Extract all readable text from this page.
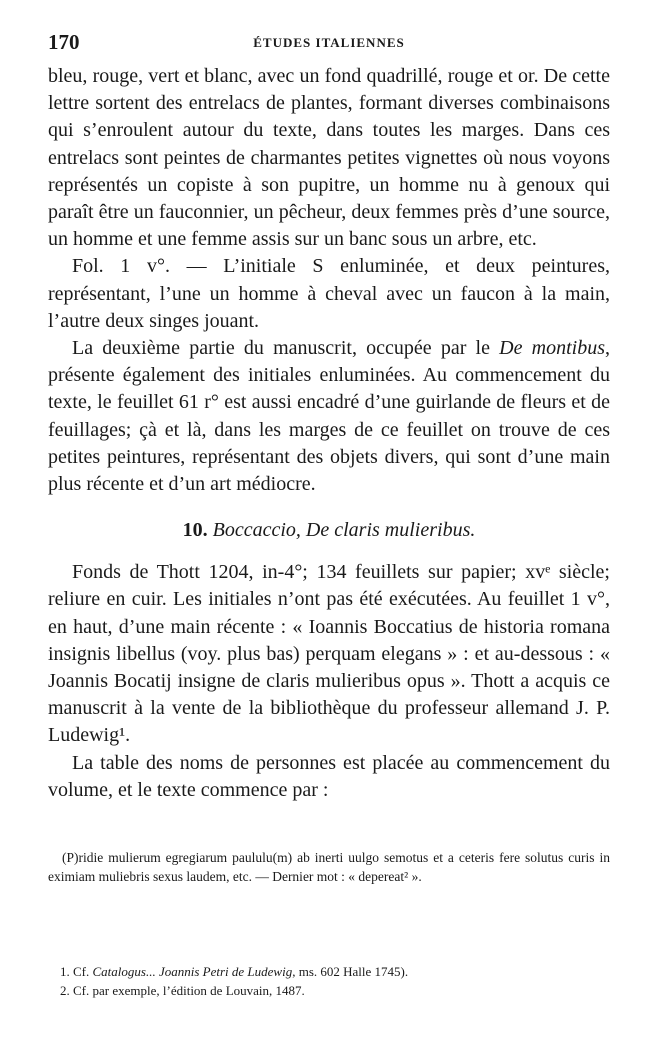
170	ÉTUDES ITALIENNES

bleu, rouge, vert et blanc, avec un fond quadrillé, rouge et or. De cette lettre sortent des entrelacs de plantes, formant diverses combinaisons qui s’enroulent autour du texte, dans toutes les marges. Dans ces entrelacs sont peintes de charmantes petites vignettes où nous voyons représentés un copiste à son pupitre, un homme nu à genoux qui paraît être un fauconnier, un pêcheur, deux femmes près d’une source, un homme et une femme assis sur un banc sous un arbre, etc.

Fol. 1 v°. — L’initiale S enluminée, et deux peintures, représentant, l’une un homme à cheval avec un faucon à la main, l’autre deux singes jouant.

La deuxième partie du manuscrit, occupée par le De montibus, présente également des initiales enluminées. Au commencement du texte, le feuillet 61 r° est aussi encadré d’une guirlande de fleurs et de feuillages; çà et là, dans les marges de ce feuillet on trouve de ces petites peintures, représentant des objets divers, qui sont d’une main plus récente et d’un art médiocre.

10. Boccaccio, De claris mulieribus.

Fonds de Thott 1204, in-4°; 134 feuillets sur papier; xvᵉ siècle; reliure en cuir. Les initiales n’ont pas été exécutées. Au feuillet 1 v°, en haut, d’une main récente : « Ioannis Boccatius de historia romana insignis libellus (voy. plus bas) perquam elegans » : et au-dessous : « Joannis Bocatij insigne de claris mulieribus opus ». Thott a acquis ce manuscrit à la vente de la bibliothèque du professeur allemand J. P. Ludewig¹.

La table des noms de personnes est placée au commencement du volume, et le texte commence par :

(P)ridie mulierum egregiarum paululu(m) ab inerti uulgo semotus et a ceteris fere solutus curis in eximiam muliebris sexus laudem, etc. — Dernier mot : « depereat² ».

1. Cf. Catalogus... Joannis Petri de Ludewig, ms. 602 Halle 1745).

2. Cf. par exemple, l’édition de Louvain, 1487.
